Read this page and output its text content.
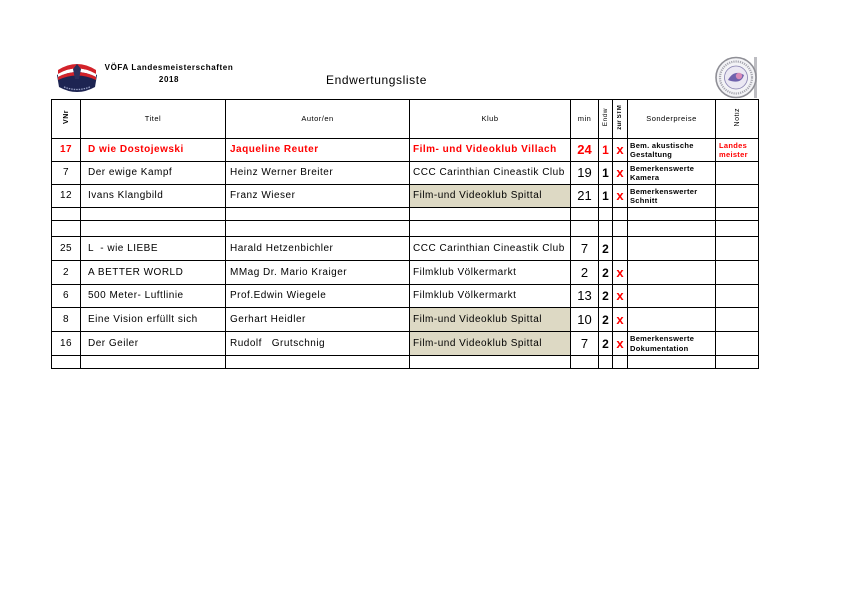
VÖFA Landesmeisterschaften
2018	Endwertungsliste
VNr	Titel	Autor/en	Klub	min	Endw	zur STM	Sonderpreise	Notiz
17	D wie Dostojewski	Jaqueline Reuter	Film- und Videoklub Villach	24	1	x	Bem. akustische Gestaltung	Landes meister
7	Der ewige Kampf	Heinz Werner Breiter	CCC Carinthian Cineastik Club	19	1	x	Bemerkenswerte Kamera	
12	Ivans Klangbild	Franz Wieser	Film-und Videoklub Spittal	21	1	x	Bemerkenswerter Schnitt	

25	L  - wie LIEBE	Harald Hetzenbichler	CCC Carinthian Cineastik Club	7	2			
2	A BETTER WORLD	MMag Dr. Mario Kraiger	Filmklub Völkermarkt	2	2	x		
6	500 Meter- Luftlinie	Prof.Edwin Wiegele	Filmklub Völkermarkt	13	2	x		
8	Eine Vision erfüllt sich	Gerhart Heidler	Film-und Videoklub Spittal	10	2	x		
16	Der Geiler	Rudolf   Grutschnig	Film-und Videoklub Spittal	7	2	x	Bemerkenswerte Dokumentation	
